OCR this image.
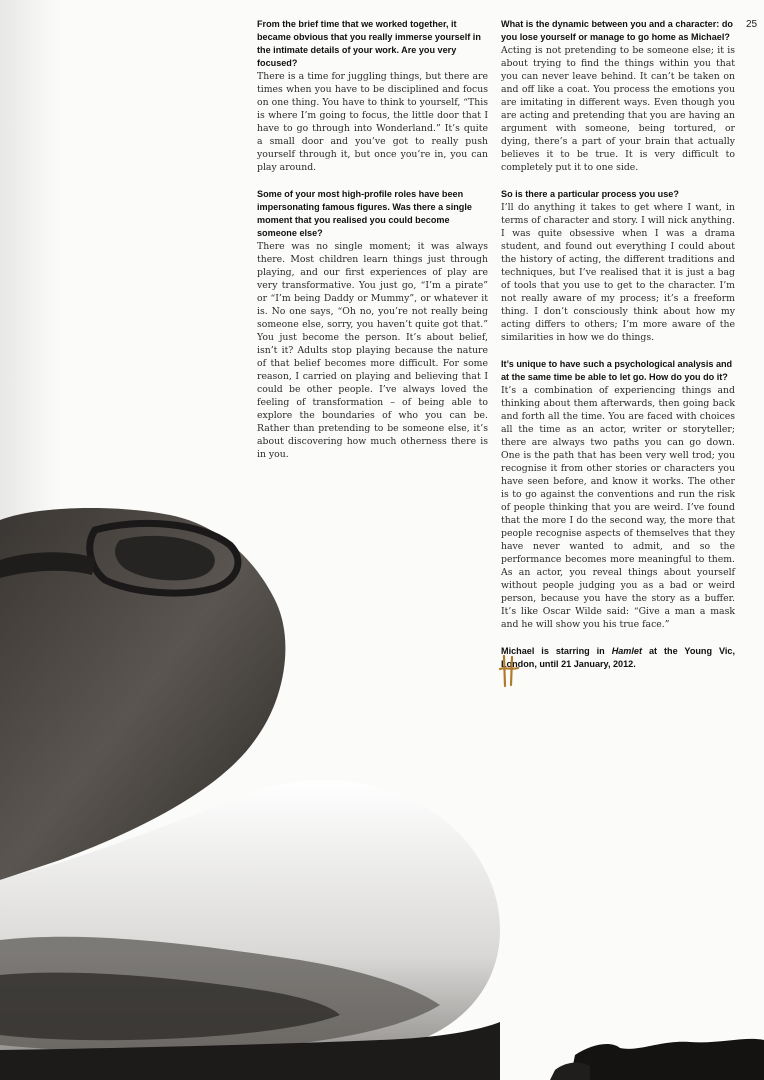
From the brief time that we worked together, it became obvious that you really immerse yourself in the intimate details of your work. Are you very focused?

There is a time for juggling things, but there are times when you have to be disciplined and focus on one thing. You have to think to yourself, “This is where I’m going to focus, the little door that I have to go through into Wonderland.” It’s quite a small door and you’ve got to really push yourself through it, but once you’re in, you can play around.

Some of your most high-profile roles have been impersonating famous figures. Was there a single moment that you realised you could become someone else?

There was no single moment; it was always there. Most children learn things just through playing, and our first experiences of play are very transformative. You just go, “I’m a pirate” or “I’m being Daddy or Mummy”, or whatever it is. No one says, “Oh no, you’re not really being someone else, sorry, you haven’t quite got that.” You just become the person. It’s about belief, isn’t it? Adults stop playing because the nature of that belief becomes more difficult. For some reason, I carried on playing and believing that I could be other people. I’ve always loved the feeling of transformation – of being able to explore the boundaries of who you can be. Rather than pretending to be someone else, it’s about discovering how much otherness there is in you.

What is the dynamic between you and a character: do you lose yourself or manage to go home as Michael?

Acting is not pretending to be someone else; it is about trying to find the things within you that you can never leave behind. It can’t be taken on and off like a coat. You process the emotions you are imitating in different ways. Even though you are acting and pretending that you are having an argument with someone, being tortured, or dying, there’s a part of your brain that actually believes it to be true. It is very difficult to completely put it to one side.

So is there a particular process you use?

I’ll do anything it takes to get where I want, in terms of character and story. I will nick anything. I was quite obsessive when I was a drama student, and found out everything I could about the history of acting, the different traditions and techniques, but I’ve realised that it is just a bag of tools that you use to get to the character. I’m not really aware of my process; it’s a freeform thing. I don’t consciously think about how my acting differs to others; I’m more aware of the similarities in how we do things.

It’s unique to have such a psychological analysis and at the same time be able to let go. How do you do it?

It’s a combination of experiencing things and thinking about them afterwards, then going back and forth all the time. You are faced with choices all the time as an actor, writer or storyteller; there are always two paths you can go down. One is the path that has been very well trod; you recognise it from other stories or characters you have seen before, and know it works. The other is to go against the conventions and run the risk of people thinking that you are weird. I’ve found that the more I do the second way, the more that people recognise aspects of themselves that they have never wanted to admit, and so the performance becomes more meaningful to them. As an actor, you reveal things about yourself without people judging you as a bad or weird person, because you have the story as a buffer. It’s like Oscar Wilde said: “Give a man a mask and he will show you his true face.”

Michael is starring in Hamlet at the Young Vic, London, until 21 January, 2012.

25
